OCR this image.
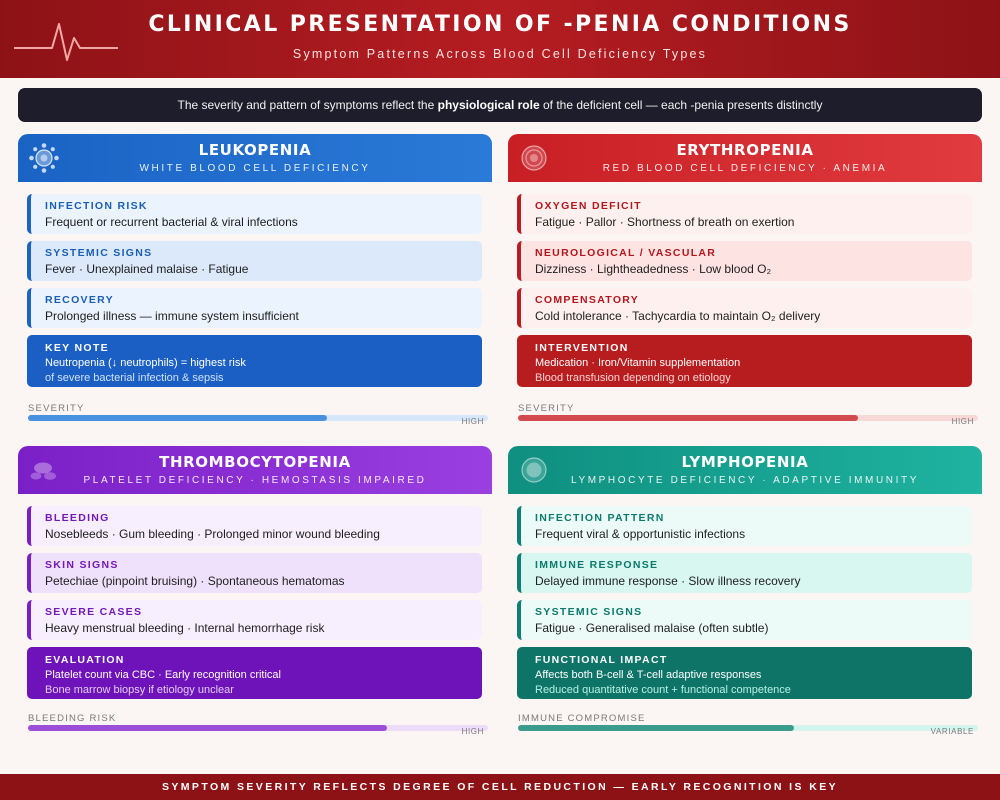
CLINICAL PRESENTATION OF -PENIA CONDITIONS
Symptom Patterns Across Blood Cell Deficiency Types
The severity and pattern of symptoms reflect the physiological role of the deficient cell — each -penia presents distinctly
LEUKOPENIA
WHITE BLOOD CELL DEFICIENCY
INFECTION RISK
Frequent or recurrent bacterial & viral infections
SYSTEMIC SIGNS
Fever · Unexplained malaise · Fatigue
RECOVERY
Prolonged illness — immune system insufficient
KEY NOTE
Neutropenia (↓ neutrophils) = highest risk
of severe bacterial infection & sepsis
SEVERITY
HIGH
ERYTHROPENIA
RED BLOOD CELL DEFICIENCY · ANEMIA
OXYGEN DEFICIT
Fatigue · Pallor · Shortness of breath on exertion
NEUROLOGICAL / VASCULAR
Dizziness · Lightheadedness · Low blood O₂
COMPENSATORY
Cold intolerance · Tachycardia to maintain O₂ delivery
INTERVENTION
Medication · Iron/Vitamin supplementation
Blood transfusion depending on etiology
SEVERITY
HIGH
THROMBOCYTOPENIA
PLATELET DEFICIENCY · HEMOSTASIS IMPAIRED
BLEEDING
Nosebleeds · Gum bleeding · Prolonged minor wound bleeding
SKIN SIGNS
Petechiae (pinpoint bruising) · Spontaneous hematomas
SEVERE CASES
Heavy menstrual bleeding · Internal hemorrhage risk
EVALUATION
Platelet count via CBC · Early recognition critical
Bone marrow biopsy if etiology unclear
BLEEDING RISK
HIGH
LYMPHOPENIA
LYMPHOCYTE DEFICIENCY · ADAPTIVE IMMUNITY
INFECTION PATTERN
Frequent viral & opportunistic infections
IMMUNE RESPONSE
Delayed immune response · Slow illness recovery
SYSTEMIC SIGNS
Fatigue · Generalised malaise (often subtle)
FUNCTIONAL IMPACT
Affects both B-cell & T-cell adaptive responses
Reduced quantitative count + functional competence
IMMUNE COMPROMISE
VARIABLE
SYMPTOM SEVERITY REFLECTS DEGREE OF CELL REDUCTION — EARLY RECOGNITION IS KEY
